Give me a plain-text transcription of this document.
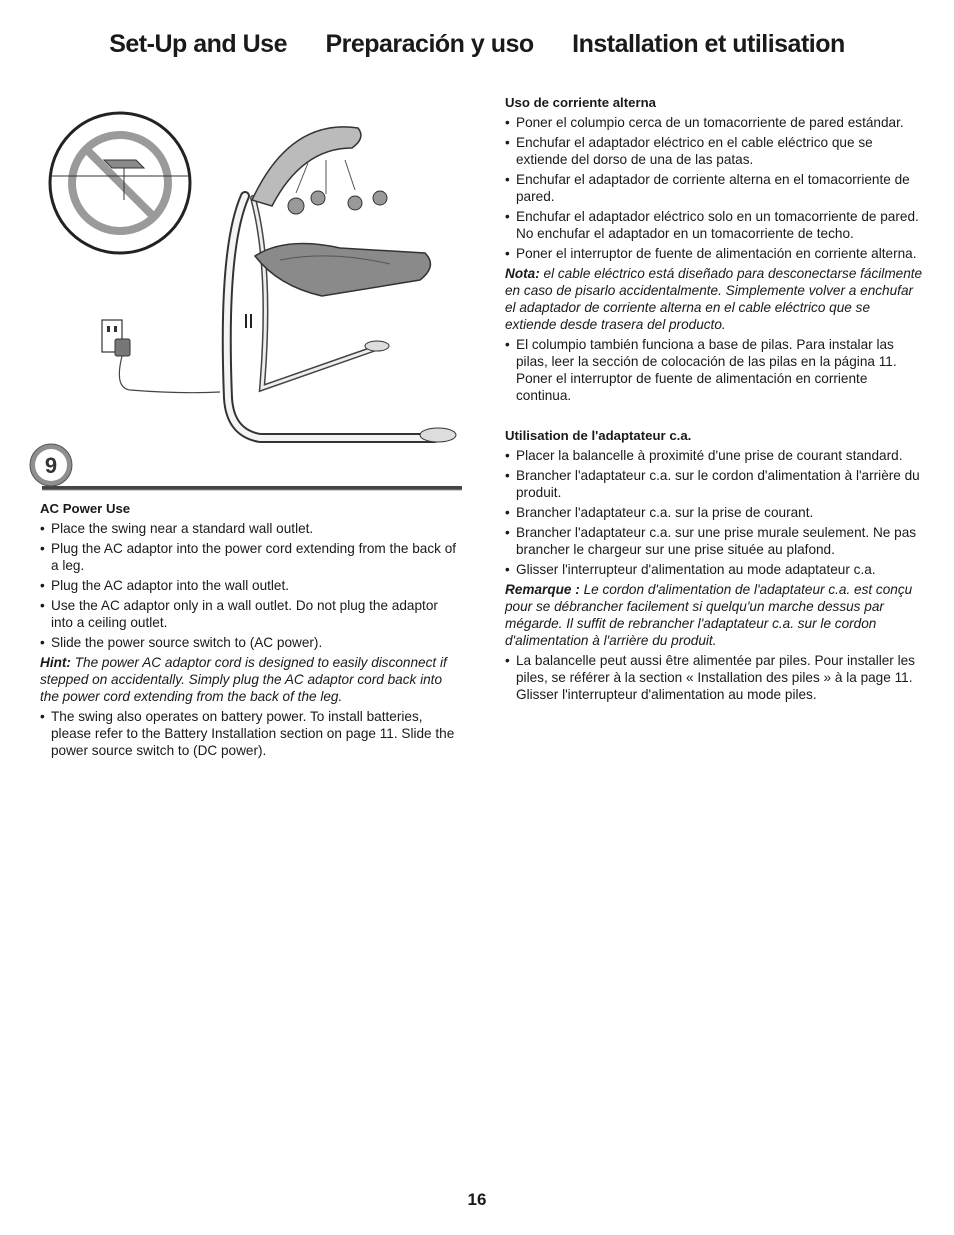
Set-Up and Use Preparación y uso Installation et utilisation
9
AC Power Use
• Place the swing near a standard wall outlet.
• Plug the AC adaptor into the power cord extending from the back of a leg.
• Plug the AC adaptor into the wall outlet.
• Use the AC adaptor only in a wall outlet. Do not plug the adaptor into a ceiling outlet.
• Slide the power source switch to (AC power).
Hint: The power AC adaptor cord is designed to easily disconnect if stepped on accidentally. Simply plug the AC adaptor cord back into the power cord extending from the back of the leg.
• The swing also operates on battery power. To install batteries, please refer to the Battery Installation section on page 11. Slide the power source switch to (DC power).
Uso de corriente alterna
• Poner el columpio cerca de un tomacorriente de pared estándar.
• Enchufar el adaptador eléctrico en el cable eléctrico que se extiende del dorso de una de las patas.
• Enchufar el adaptador de corriente alterna en el tomacorriente de pared.
• Enchufar el adaptador eléctrico solo en un tomacorriente de pared. No enchufar el adaptador en un tomacorriente de techo.
• Poner el interruptor de fuente de alimentación en corriente alterna.
Nota: el cable eléctrico está diseñado para desconectarse fácilmente en caso de pisarlo accidentalmente. Simplemente volver a enchufar el adaptador de corriente alterna en el cable eléctrico que se extiende desde trasera del producto.
• El columpio también funciona a base de pilas. Para instalar las pilas, leer la sección de colocación de las pilas en la página 11. Poner el interruptor de fuente de alimentación en corriente continua.
Utilisation de l'adaptateur c.a.
• Placer la balancelle à proximité d'une prise de courant standard.
• Brancher l'adaptateur c.a. sur le cordon d'alimentation à l'arrière du produit.
• Brancher l'adaptateur c.a. sur la prise de courant.
• Brancher l'adaptateur c.a. sur une prise murale seulement. Ne pas brancher le chargeur sur une prise située au plafond.
• Glisser l'interrupteur d'alimentation au mode adaptateur c.a.
Remarque : Le cordon d'alimentation de l'adaptateur c.a. est conçu pour se débrancher facilement si quelqu'un marche dessus par mégarde. Il suffit de rebrancher l'adaptateur c.a. sur le cordon d'alimentation à l'arrière du produit.
• La balancelle peut aussi être alimentée par piles. Pour installer les piles, se référer à la section « Installation des piles » à la page 11. Glisser l'interrupteur d'alimentation au mode piles.
16
